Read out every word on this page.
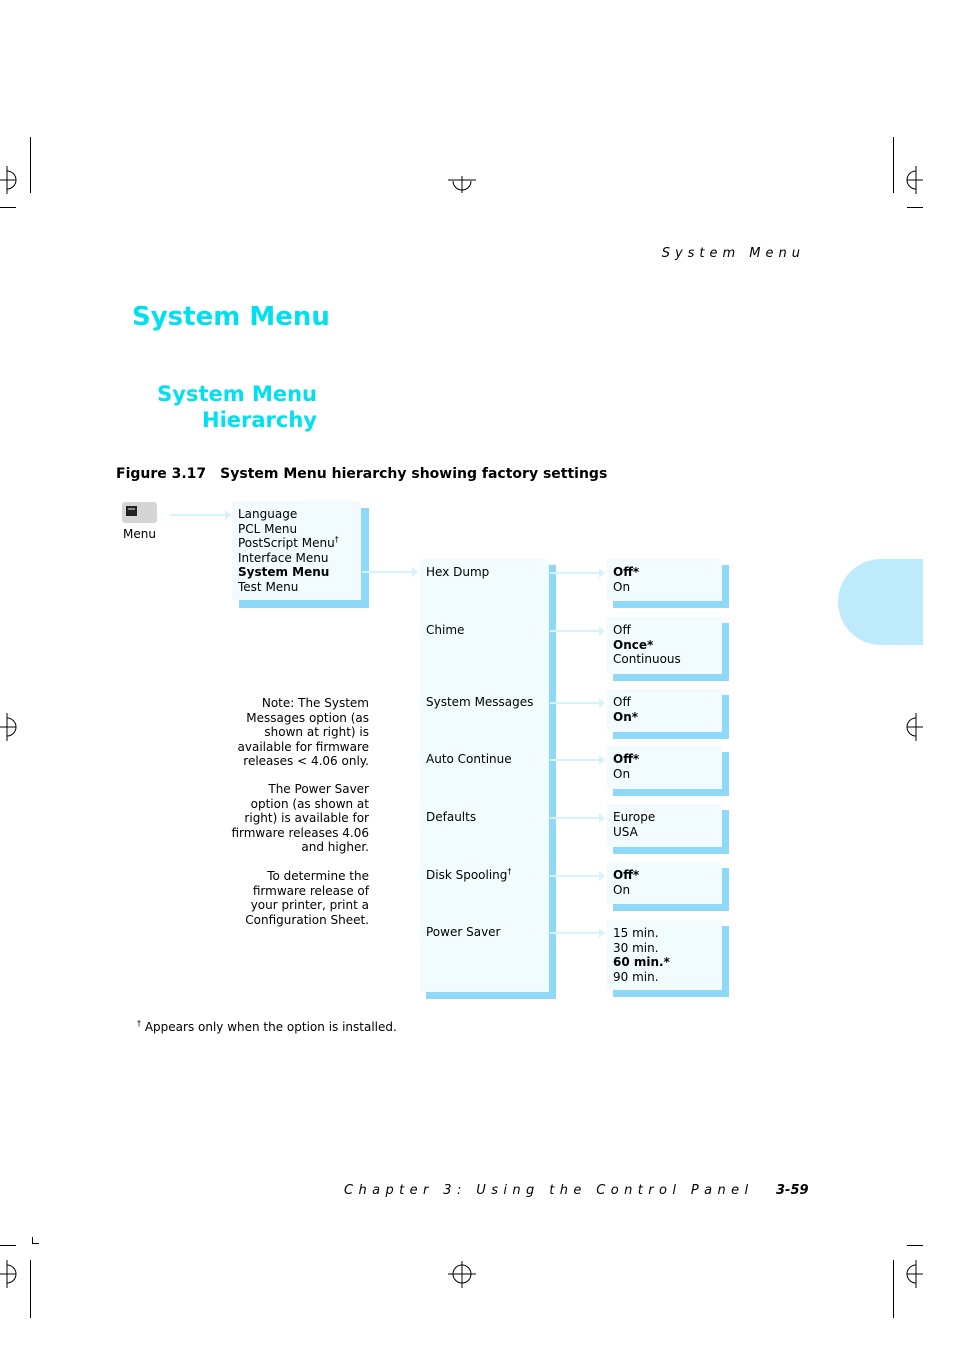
System Menu
System Menu
System Menu
Hierarchy
Figure 3.17 System Menu hierarchy showing factory settings
Menu
Language
PCL Menu
PostScript Menu†
Interface Menu
System Menu
Test Menu
Hex Dump
Chime
System Messages
Auto Continue
Defaults
Disk Spooling†
Power Saver
Off*
On
Off
Once*
Continuous
Off
On*
Off*
On
Europe
USA
Off*
On
15 min.
30 min.
60 min.*
90 min.
Note: The System
Messages option (as
shown at right) is
available for firmware
releases < 4.06 only.
The Power Saver
option (as shown at
right) is available for
firmware releases 4.06
and higher.
To determine the
firmware release of
your printer, print a
Configuration Sheet.
† Appears only when the option is installed.
Chapter 3: Using the Control Panel 3-59
